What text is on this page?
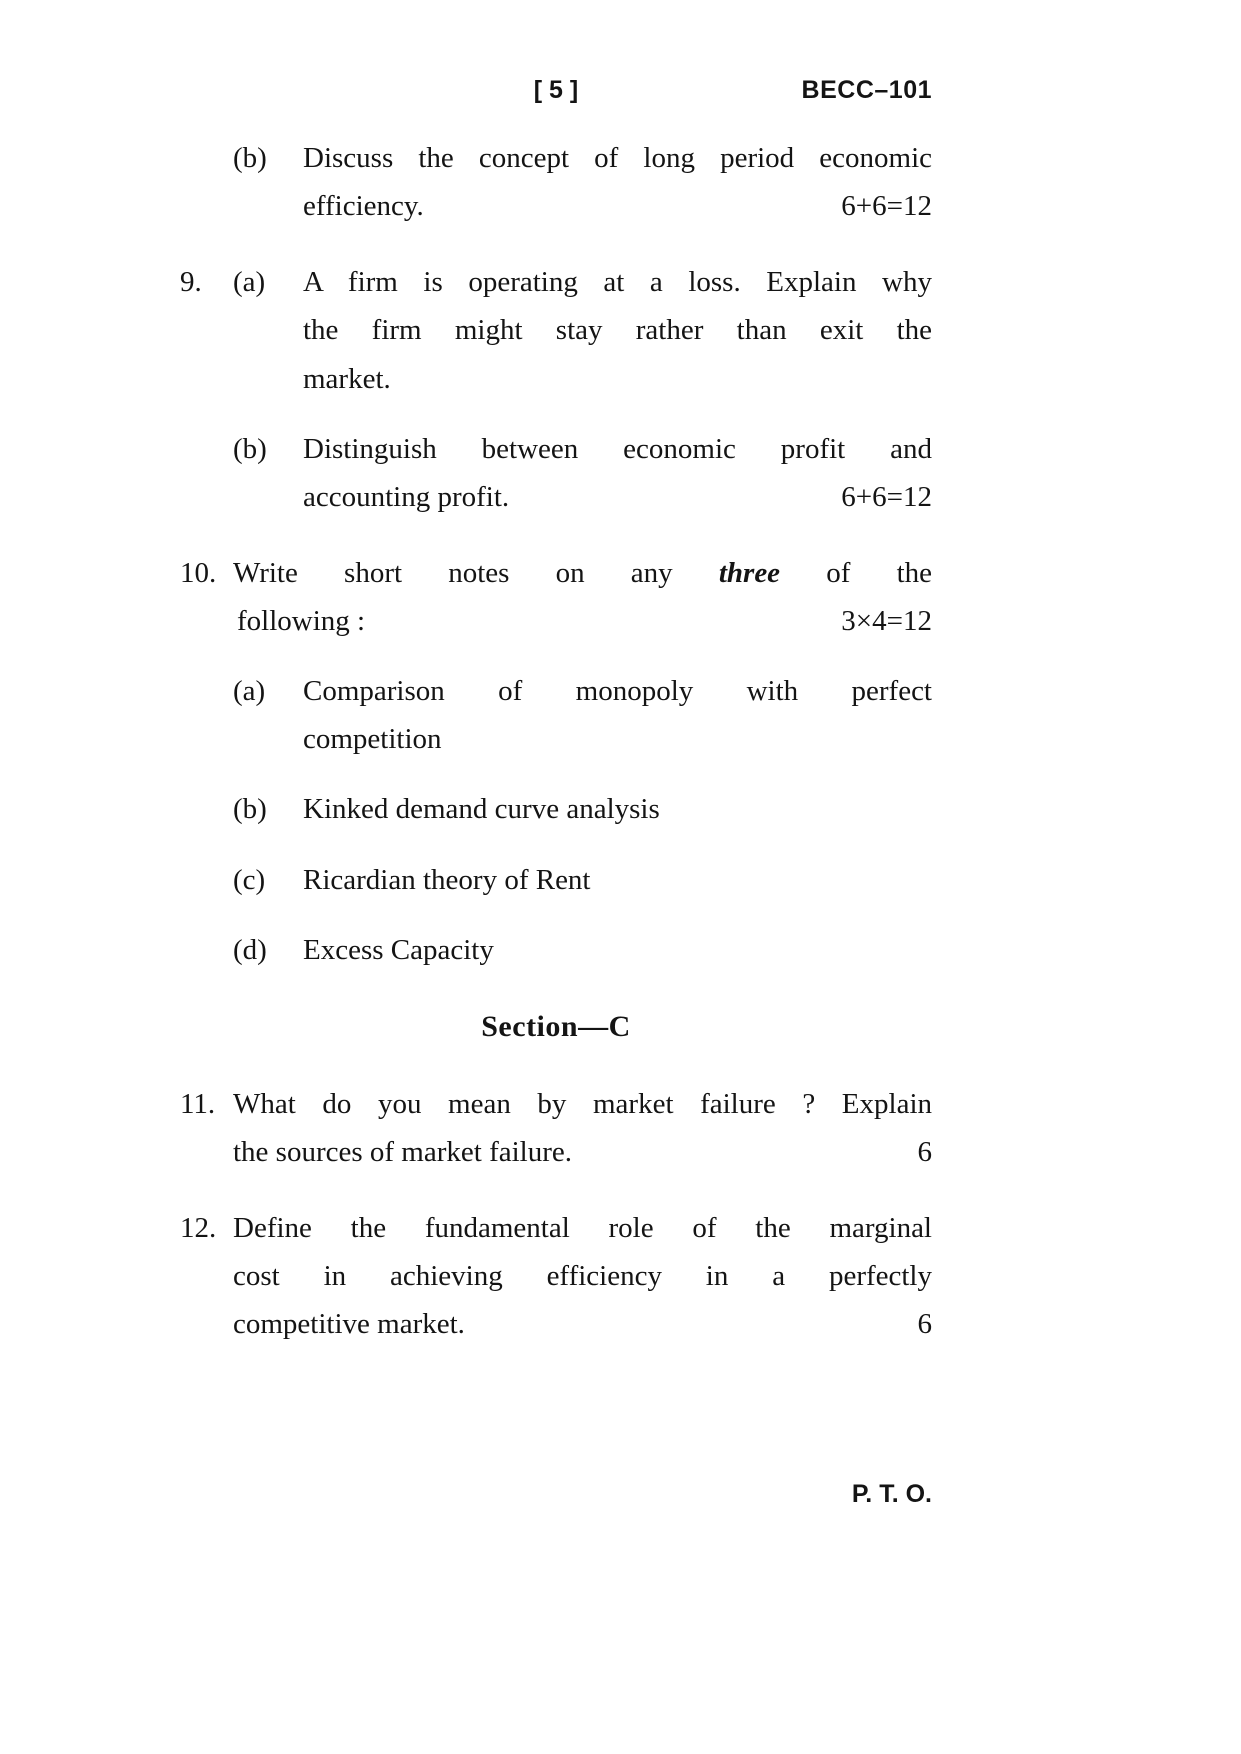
[ 5 ]	BECC–101
(b)	Discuss the concept of long period economic
efficiency.	6+6=12
9.	(a)	A firm is operating at a loss. Explain why
the firm might stay rather than exit the
market.
(b)	Distinguish between economic profit and
accounting profit.	6+6=12
10. Write short notes on any three of the
following :	3×4=12
(a)	Comparison of monopoly with perfect
competition
(b)	Kinked demand curve analysis
(c)	Ricardian theory of Rent
(d)	Excess Capacity
Section—C
11. What do you mean by market failure ? Explain
the sources of market failure.	6
12. Define the fundamental role of the marginal
cost in achieving efficiency in a perfectly
competitive market.	6
P. T. O.
